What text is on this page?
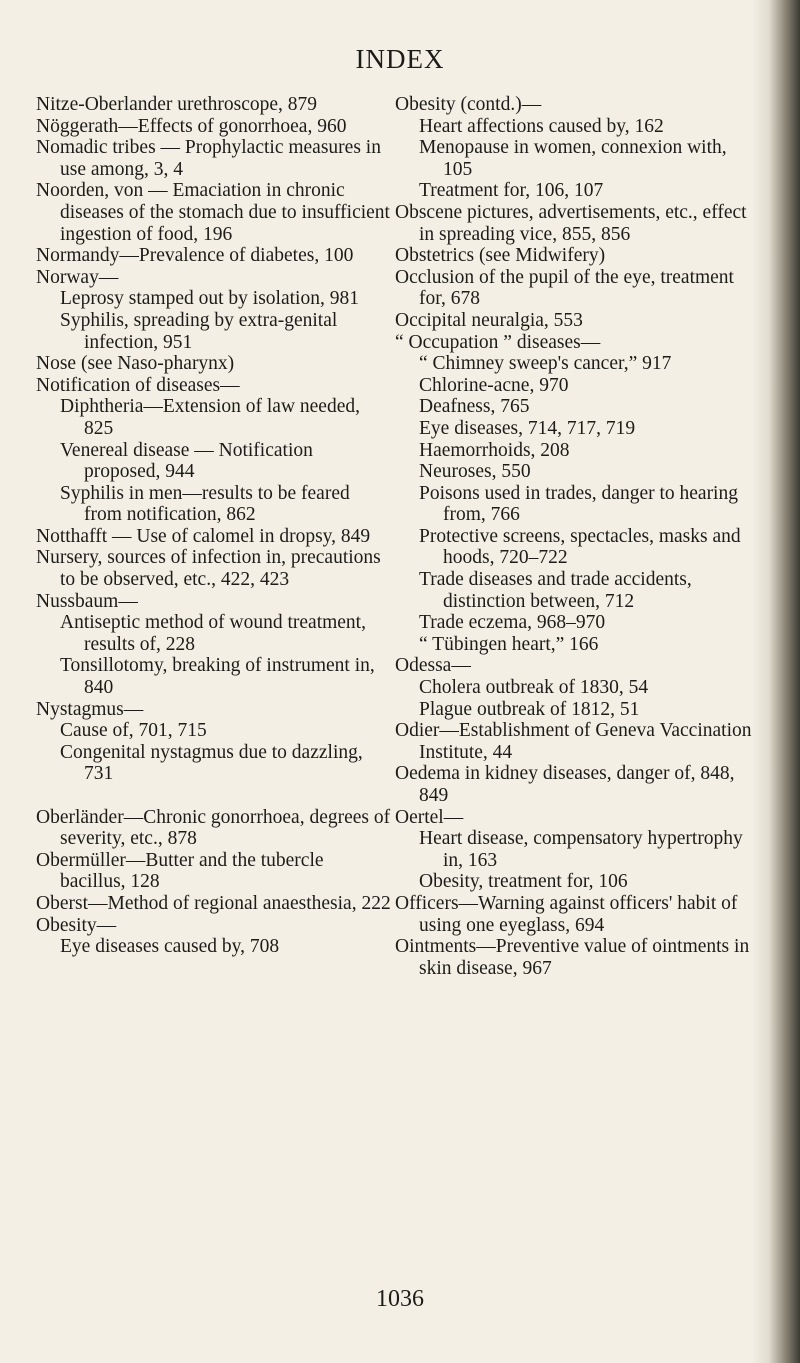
INDEX
Nitze-Oberlander urethroscope, 879
Nöggerath—Effects of gonorrhoea, 960
Nomadic tribes — Prophylactic measures in use among, 3, 4
Noorden, von — Emaciation in chronic diseases of the stomach due to insufficient ingestion of food, 196
Normandy—Prevalence of diabetes, 100
Norway—
Leprosy stamped out by isolation, 981
Syphilis, spreading by extra-genital infection, 951
Nose (see Naso-pharynx)
Notification of diseases—
Diphtheria—Extension of law needed, 825
Venereal disease — Notification proposed, 944
Syphilis in men—results to be feared from notification, 862
Notthafft — Use of calomel in dropsy, 849
Nursery, sources of infection in, precautions to be observed, etc., 422, 423
Nussbaum—
Antiseptic method of wound treatment, results of, 228
Tonsillotomy, breaking of instrument in, 840
Nystagmus—
Cause of, 701, 715
Congenital nystagmus due to dazzling, 731
Oberländer—Chronic gonorrhoea, degrees of severity, etc., 878
Obermüller—Butter and the tubercle bacillus, 128
Oberst—Method of regional anaesthesia, 222
Obesity—
Eye diseases caused by, 708
Obesity (contd.)—
Heart affections caused by, 162
Menopause in women, connexion with, 105
Treatment for, 106, 107
Obscene pictures, advertisements, etc., effect in spreading vice, 855, 856
Obstetrics (see Midwifery)
Occlusion of the pupil of the eye, treatment for, 678
Occipital neuralgia, 553
“ Occupation ” diseases—
“ Chimney sweep's cancer,” 917
Chlorine-acne, 970
Deafness, 765
Eye diseases, 714, 717, 719
Haemorrhoids, 208
Neuroses, 550
Poisons used in trades, danger to hearing from, 766
Protective screens, spectacles, masks and hoods, 720–722
Trade diseases and trade accidents, distinction between, 712
Trade eczema, 968–970
“ Tübingen heart,” 166
Odessa—
Cholera outbreak of 1830, 54
Plague outbreak of 1812, 51
Odier—Establishment of Geneva Vaccination Institute, 44
Oedema in kidney diseases, danger of, 848, 849
Oertel—
Heart disease, compensatory hypertrophy in, 163
Obesity, treatment for, 106
Officers—Warning against officers' habit of using one eyeglass, 694
Ointments—Preventive value of ointments in skin disease, 967
1036
